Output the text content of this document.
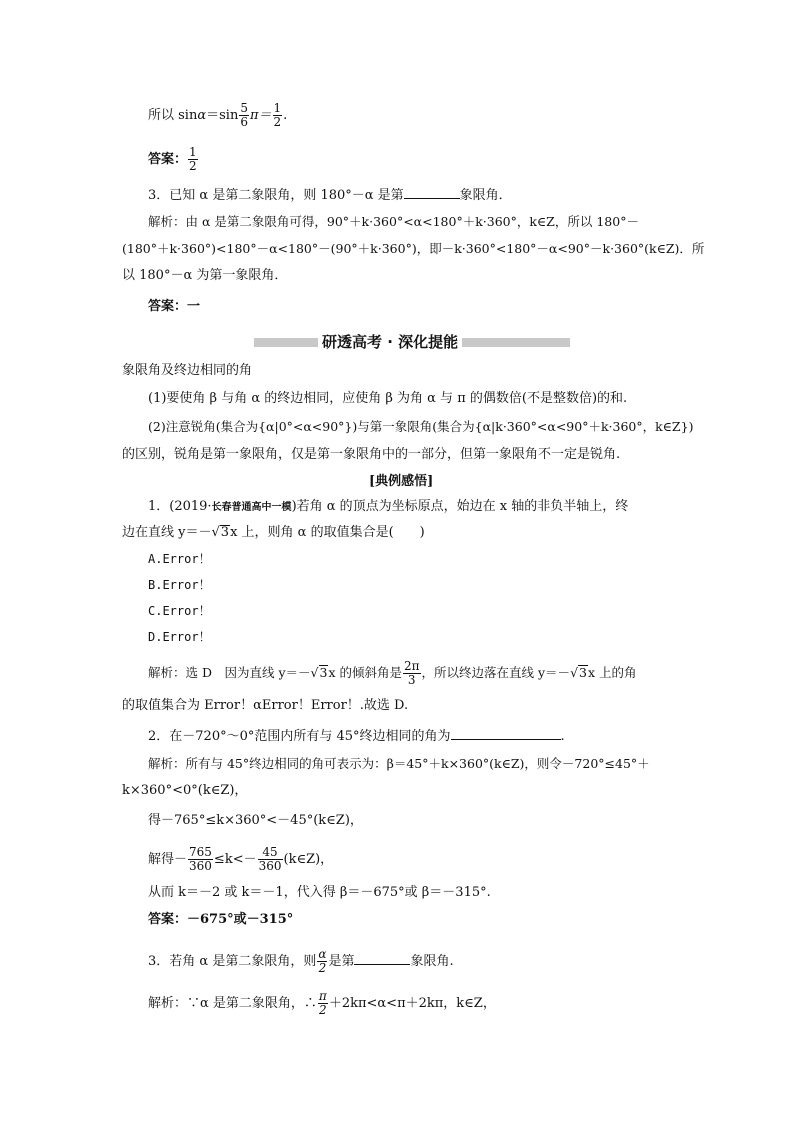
所以 $\sin\alpha=\sin \frac{5}{6} \pi= \frac{1}{2}$ .
答案： $\frac{1}{2}$
3．已知 α 是第二象限角，则 180°－α 是第	象限角．
解析：由 α 是第二象限角可得，90°＋k·360°<α<180°＋k·360°，k∈Z，所以 180°－
(180°＋k·360°)<180°－α<180°－(90°＋k·360°)，即－k·360°<180°－α<90°－k·360°(k∈Z)．所
以 180°－α 为第一象限角．
答案：一
研透高考 · 深化提能
象限角及终边相同的角
(1)要使角 β 与角 α 的终边相同，应使角 β 为角 α 与 π 的偶数倍(不是整数倍)的和.
(2)注意锐角(集合为{α|0°<α<90°})与第一象限角(集合为{α|k·360°<α<90°＋k·360°，k∈Z})
的区别，锐角是第一象限角，仅是第一象限角中的一部分，但第一象限角不一定是锐角.
[典例感悟]
1．(2019·长春普通高中一模)若角 α 的顶点为坐标原点，始边在 x 轴的非负半轴上，终
边在直线 y＝－√3x 上，则角 α 的取值集合是(　　)
A.Error！
B.Error！
C.Error！
D.Error！
解析：选 D　因为直线 y＝－√3x 的倾斜角是 $\frac{2\pi}{3}$ ，所以终边落在直线 y＝－√3x 上的角
的取值集合为 Error！αError！Error！.故选 D.
2．在－720°～0°范围内所有与 45°终边相同的角为	.
解析：所有与 45°终边相同的角可表示为：β＝45°＋k×360°(k∈Z)，则令－720°≤45°＋
k×360°<0°(k∈Z)，
得－765°≤k×360°<－45°(k∈Z)，
解得－ $\frac{765}{360} \le k<- \frac{45}{360}$ (k∈Z)，
从而 k＝－2 或 k＝－1，代入得 β＝－675°或 β＝－315°.
答案：－675°或－315°
3．若角 α 是第二象限角，则 $\frac{\alpha}{2}$ 是第	象限角.
解析：∵α 是第二象限角，∴ $\frac{\pi}{2} +2k\pi<\alpha<\pi+2k\pi$，k∈Z，
